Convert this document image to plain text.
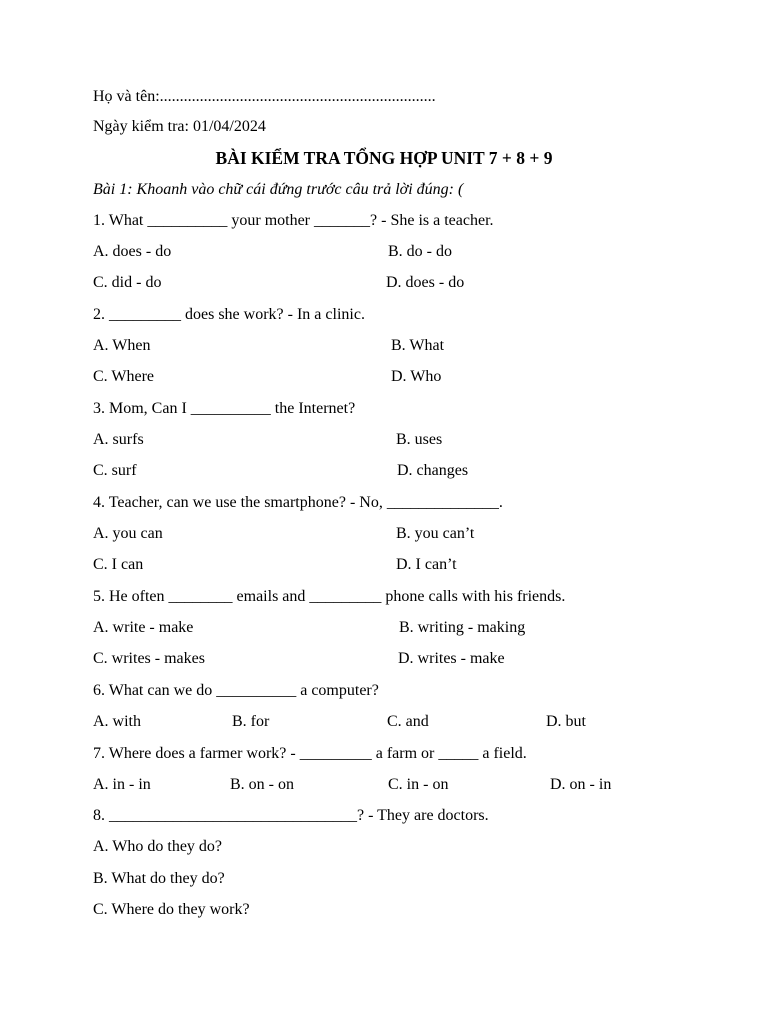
Họ và tên:.....................................................................
Ngày kiểm tra: 01/04/2024
BÀI KIỂM TRA TỔNG HỢP UNIT 7 + 8 + 9
Bài 1: Khoanh vào chữ cái đứng trước câu trả lời đúng: (
1. What __________ your mother _______? - She is a teacher.
A. does - do	B. do - do
C. did - do	D. does - do
2. _________ does she work? - In a clinic.
A. When	B. What
C. Where	D. Who
3. Mom, Can I __________ the Internet?
A. surfs	B. uses
C. surf	D. changes
4. Teacher, can we use the smartphone? - No, ______________.
A. you can	B. you can’t
C. I can	D. I can’t
5. He often ________ emails and _________ phone calls with his friends.
A. write - make	B. writing - making
C. writes - makes	D. writes - make
6. What can we do __________ a computer?
A. with	B. for	C. and	D. but
7. Where does a farmer work? - _________ a farm or _____ a field.
A. in - in	B. on - on	C. in - on	D. on - in
8. _______________________________? - They are doctors.
A. Who do they do?
B. What do they do?
C. Where do they work?
